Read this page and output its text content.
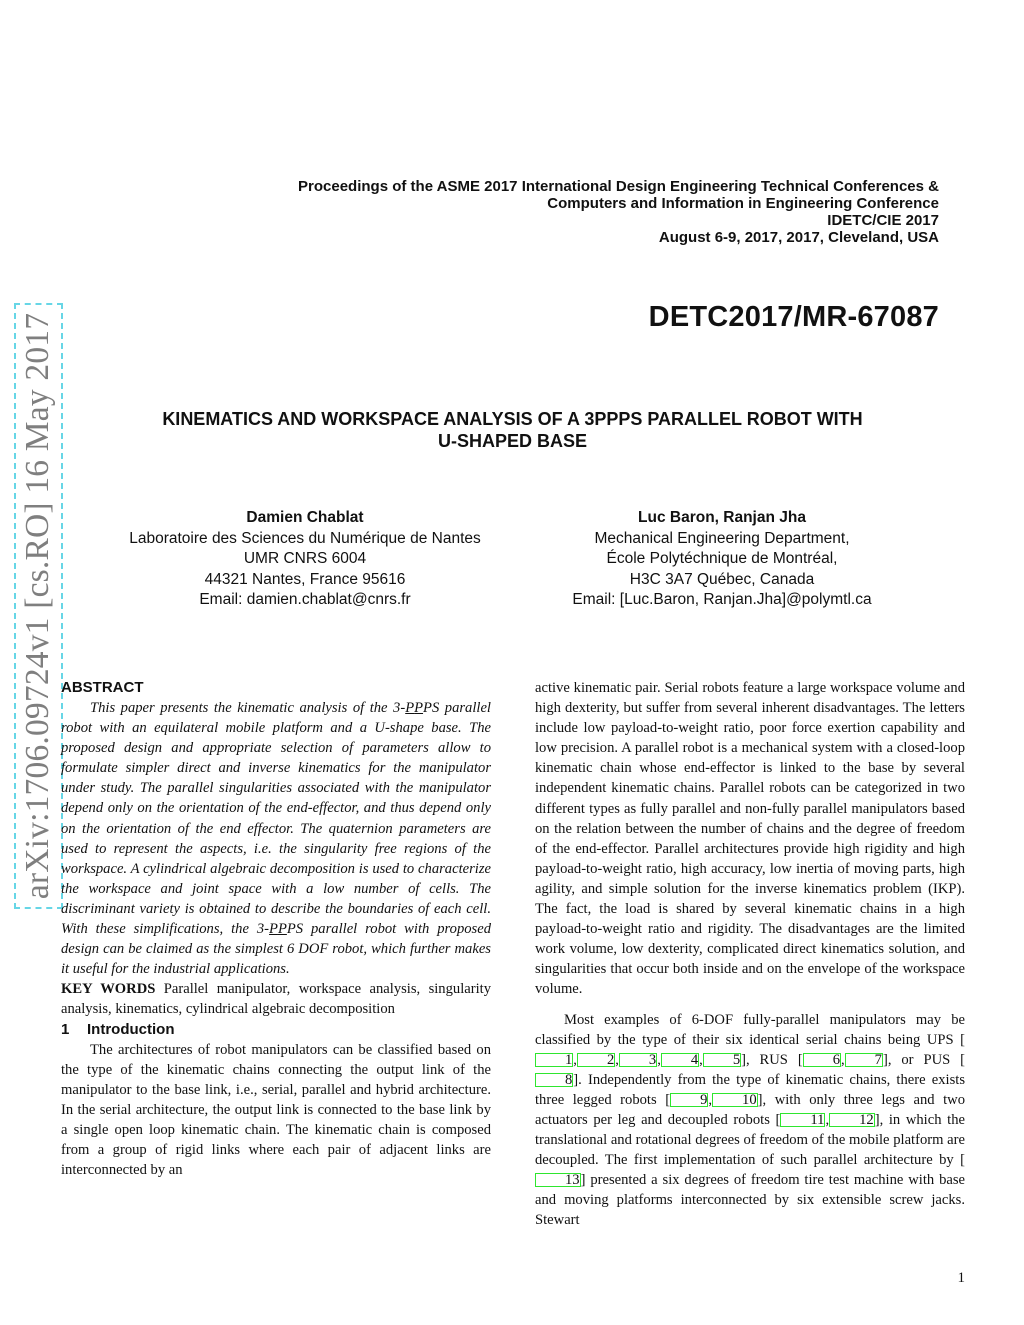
Proceedings of the ASME 2017 International Design Engineering Technical Conferences &
Computers and Information in Engineering Conference
IDETC/CIE 2017
August 6-9, 2017, 2017, Cleveland, USA
DETC2017/MR-67087
KINEMATICS AND WORKSPACE ANALYSIS OF A 3PPPS PARALLEL ROBOT WITH
U-SHAPED BASE
Damien Chablat
Laboratoire des Sciences du Numérique de Nantes
UMR CNRS 6004
44321 Nantes, France 95616
Email: damien.chablat@cnrs.fr
Luc Baron, Ranjan Jha
Mechanical Engineering Department,
École Polytéchnique de Montréal,
H3C 3A7 Québec, Canada
Email: [Luc.Baron, Ranjan.Jha]@polymtl.ca
arXiv:1706.09724v1 [cs.RO] 16 May 2017 ABSTRACT

This paper presents the kinematic analysis of the 3-PPPS parallel robot with an equilateral mobile platform and a U-shape base. The proposed design and appropriate selection of parameters allow to formulate simpler direct and inverse kinematics for the manipulator under study. The parallel singularities associated with the manipulator depend only on the orientation of the end-effector, and thus depend only on the orientation of the end effector. The quaternion parameters are used to represent the aspects, i.e. the singularity free regions of the workspace. A cylindrical algebraic decomposition is used to characterize the workspace and joint space with a low number of cells. The discriminant variety is obtained to describe the boundaries of each cell. With these simplifications, the 3-PPPS parallel robot with proposed design can be claimed as the simplest 6 DOF robot, which further makes it useful for the industrial applications.

KEY WORDS Parallel manipulator, workspace analysis, singularity analysis, kinematics, cylindrical algebraic decomposition

1 Introduction

The architectures of robot manipulators can be classified based on the type of the kinematic chains connecting the output link of the manipulator to the base link, i.e., serial, parallel and hybrid architecture. In the serial architecture, the output link is connected to the base link by a single open loop kinematic chain. The kinematic chain is composed from a group of rigid links where each pair of adjacent links are interconnected by an

active kinematic pair. Serial robots feature a large workspace volume and high dexterity, but suffer from several inherent disadvantages. The letters include low payload-to-weight ratio, poor force exertion capability and low precision. A parallel robot is a mechanical system with a closed-loop kinematic chain whose end-effector is linked to the base by several independent kinematic chains. Parallel robots can be categorized in two different types as fully parallel and non-fully parallel manipulators based on the relation between the number of chains and the degree of freedom of the end-effector. Parallel architectures provide high rigidity and high payload-to-weight ratio, high accuracy, low inertia of moving parts, high agility, and simple solution for the inverse kinematics problem (IKP). The fact, the load is shared by several kinematic chains in a high payload-to-weight ratio and rigidity. The disadvantages are the limited work volume, low dexterity, complicated direct kinematics solution, and singularities that occur both inside and on the envelope of the workspace volume.

Most examples of 6-DOF fully-parallel manipulators may be classified by the type of their six identical serial chains being UPS [1, 2, 3, 4, 5], RUS [ 6, 7], or PUS [8]. Independently from the type of kinematic chains, there exists three legged robots [ 9, 10], with only three legs and two actuators per leg and decoupled robots [ 11, 12], in which the translational and rotational degrees of freedom of the mobile platform are decoupled. The first implementation of such parallel architecture by [13] presented a six degrees of freedom tire test machine with base and moving platforms interconnected by six extensible screw jacks. Stewart

1
